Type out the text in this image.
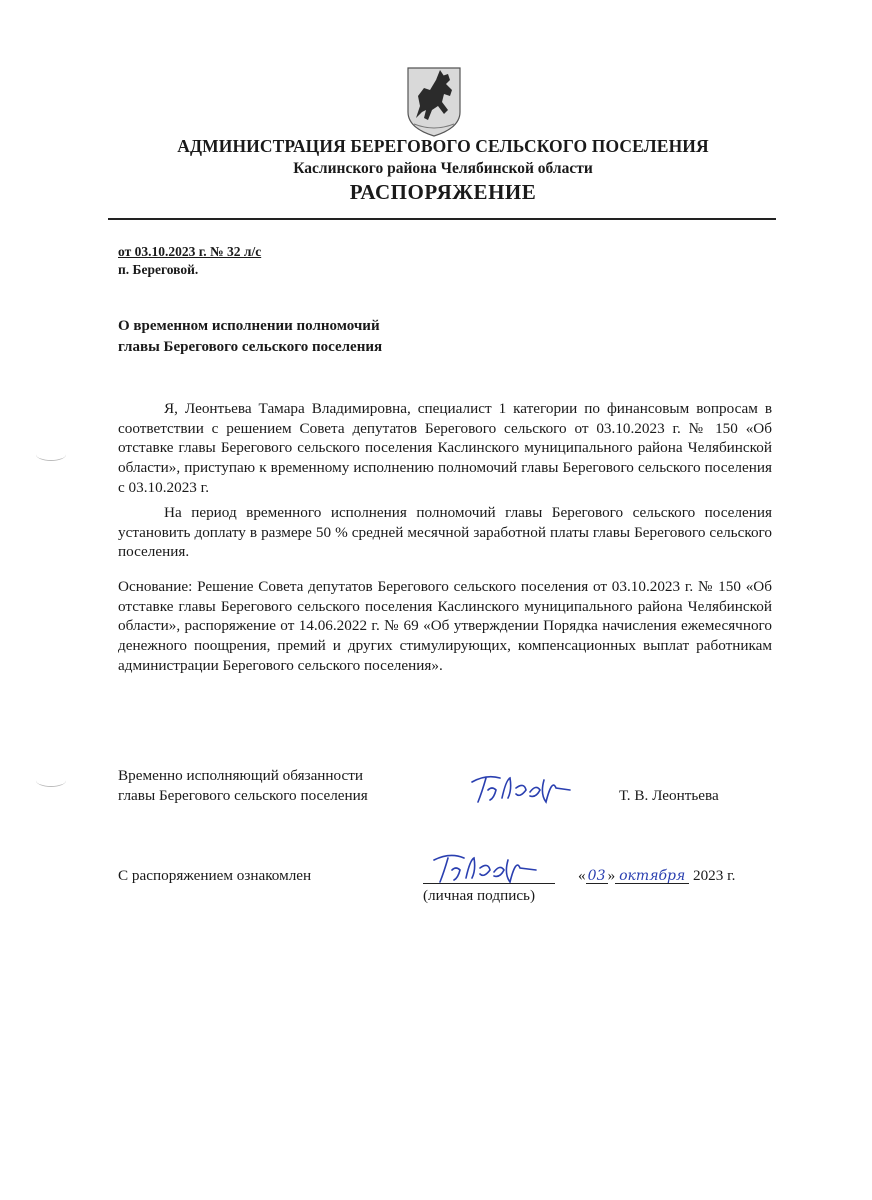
АДМИНИСТРАЦИЯ БЕРЕГОВОГО СЕЛЬСКОГО ПОСЕЛЕНИЯ
Каслинского района Челябинской области
РАСПОРЯЖЕНИЕ
от 03.10.2023 г. № 32 л/с
п. Береговой.
О временном исполнении полномочий
главы Берегового сельского поселения
Я, Леонтьева Тамара Владимировна, специалист 1 категории по финансовым вопросам в соответствии с решением Совета депутатов Берегового сельского от 03.10.2023 г. № 150 «Об отставке главы Берегового сельского поселения Каслинского муниципального района Челябинской области», приступаю к временному исполнению полномочий главы Берегового сельского поселения с 03.10.2023 г.
На период временного исполнения полномочий главы Берегового сельского поселения установить доплату в размере 50 % средней месячной заработной платы главы Берегового сельского поселения.
Основание: Решение Совета депутатов Берегового сельского поселения от 03.10.2023 г. № 150 «Об отставке главы Берегового сельского поселения Каслинского муниципального района Челябинской области», распоряжение от 14.06.2022 г. № 69 «Об утверждении Порядка начисления ежемесячного денежного поощрения, премий и других стимулирующих, компенсационных выплат работникам администрации Берегового сельского поселения».
Временно исполняющий обязанности
главы Берегового сельского поселения	Т. В. Леонтьева
С распоряжением ознакомлен
(личная подпись)
« 03 » октября 2023 г.
